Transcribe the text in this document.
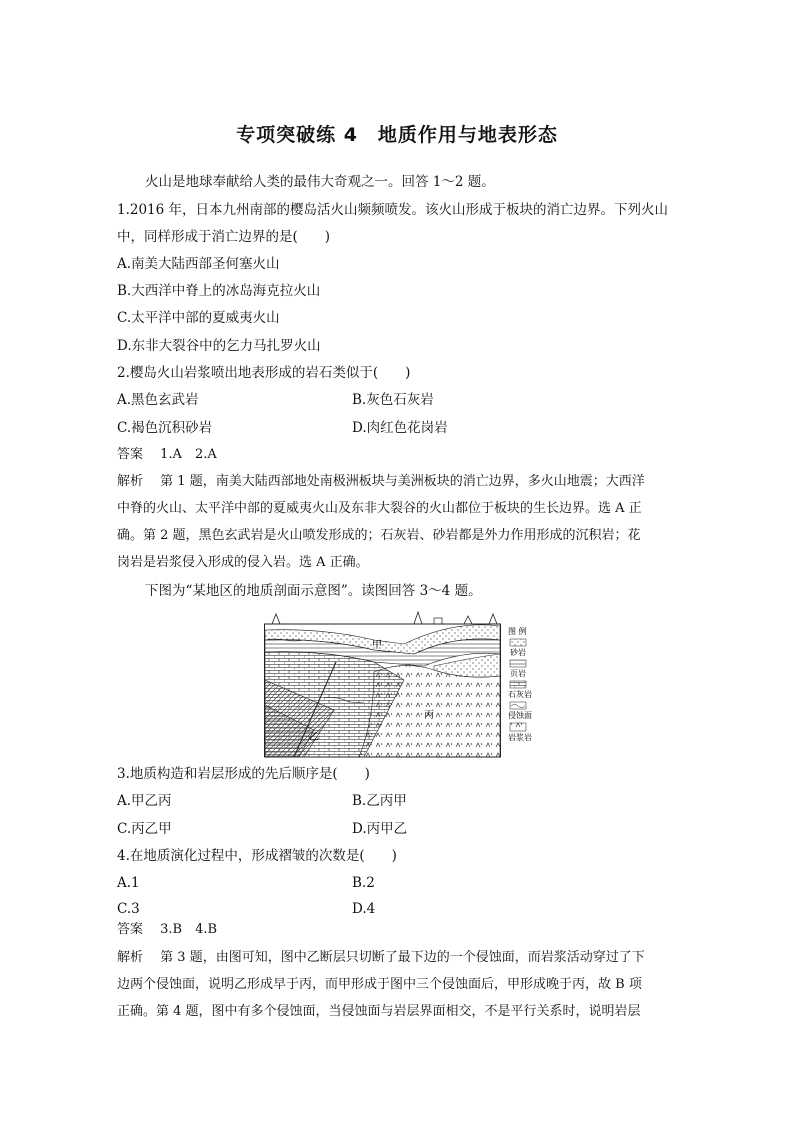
专项突破练 4　地质作用与地表形态
火山是地球奉献给人类的最伟大奇观之一。回答 1～2 题。
1.2016 年，日本九州南部的樱岛活火山频频喷发。该火山形成于板块的消亡边界。下列火山
中，同样形成于消亡边界的是(　　)
A.南美大陆西部圣何塞火山
B.大西洋中脊上的冰岛海克拉火山
C.太平洋中部的夏威夷火山
D.东非大裂谷中的乞力马扎罗火山
2.樱岛火山岩浆喷出地表形成的岩石类似于(　　)
A.黑色玄武岩	B.灰色石灰岩
C.褐色沉积砂岩	D.肉红色花岗岩
答案　 1.A　2.A
解析　 第 1 题，南美大陆西部地处南极洲板块与美洲板块的消亡边界，多火山地震；大西洋
中脊的火山、太平洋中部的夏威夷火山及东非大裂谷的火山都位于板块的生长边界。选 A 正
确。第 2 题，黑色玄武岩是火山喷发形成的；石灰岩、砂岩都是外力作用形成的沉积岩；花
岗岩是岩浆侵入形成的侵入岩。选 A 正确。
下图为“某地区的地质剖面示意图”。读图回答 3～4 题。
甲
乙
丙
图 例
砂岩
页岩
石灰岩
侵蚀面
岩浆岩
3.地质构造和岩层形成的先后顺序是(　　)
A.甲乙丙	B.乙丙甲
C.丙乙甲	D.丙甲乙
4.在地质演化过程中，形成褶皱的次数是(　　)
A.1	B.2
C.3	D.4
答案　 3.B　4.B
解析　 第 3 题，由图可知，图中乙断层只切断了最下边的一个侵蚀面，而岩浆活动穿过了下
边两个侵蚀面，说明乙形成早于丙，而甲形成于图中三个侵蚀面后，甲形成晚于丙，故 B 项
正确。第 4 题，图中有多个侵蚀面，当侵蚀面与岩层界面相交，不是平行关系时，说明岩层
